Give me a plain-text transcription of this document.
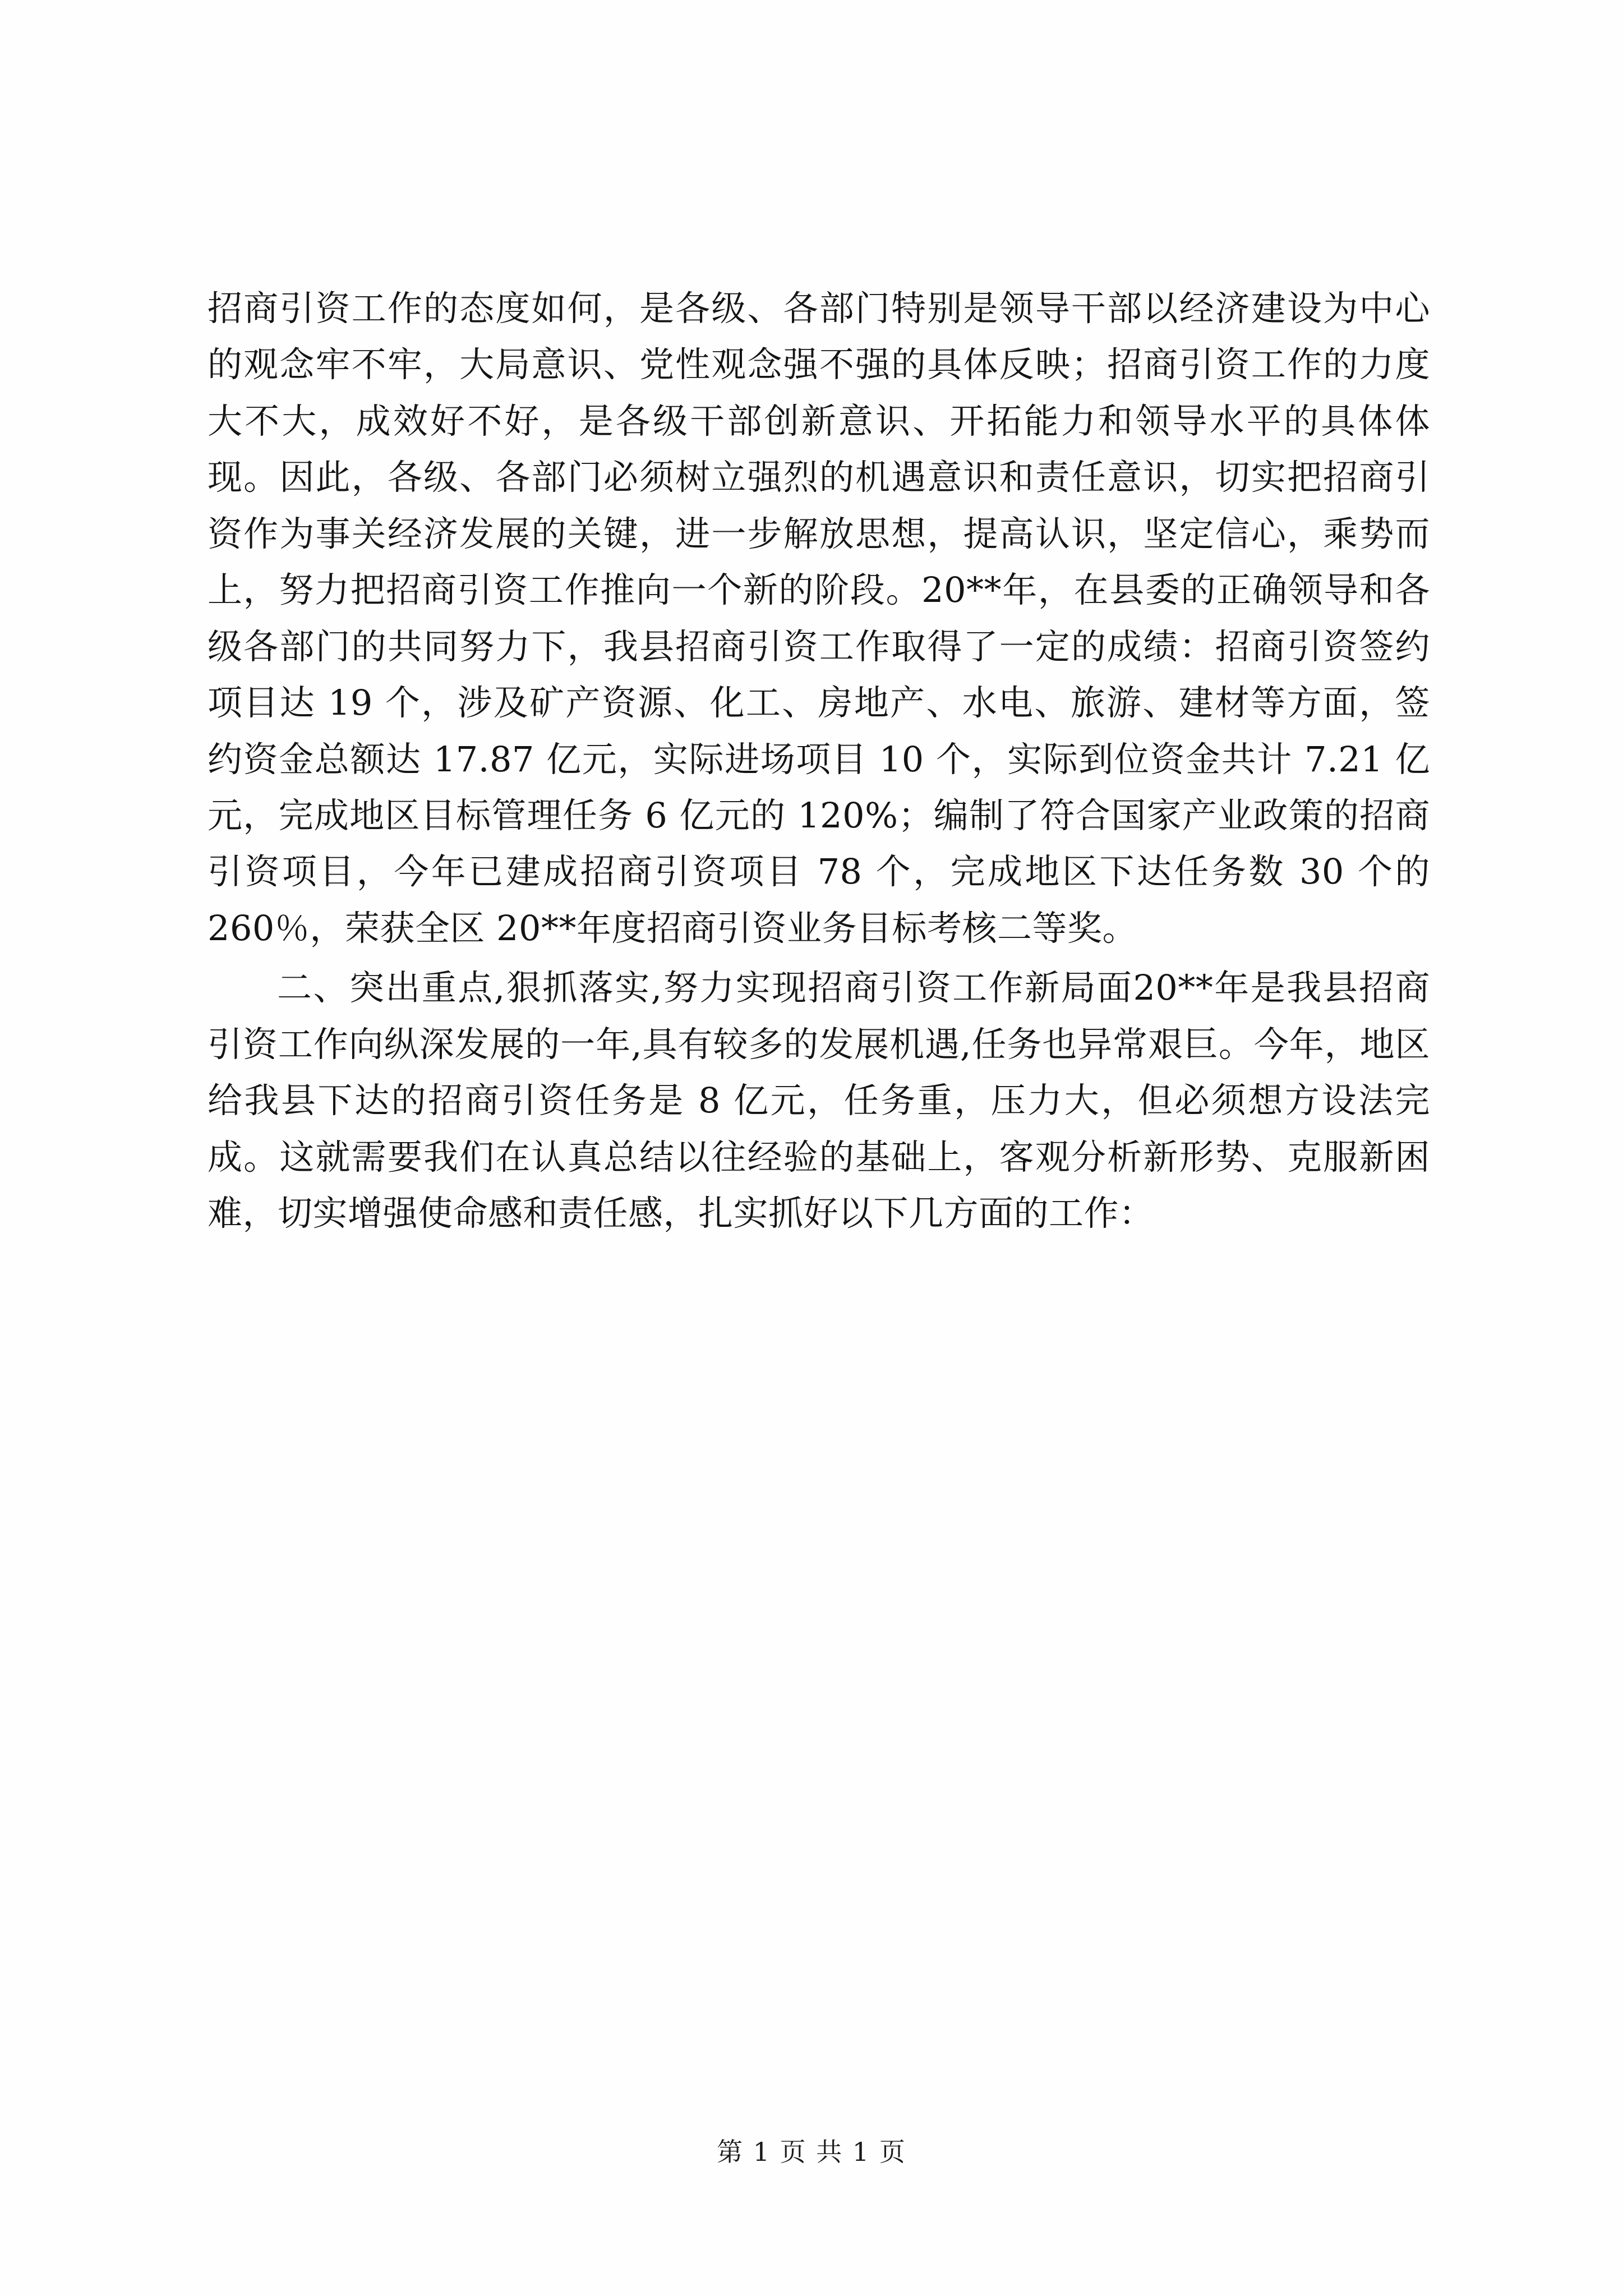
招商引资工作的态度如何，是各级、各部门特别是领导干部以经济建设为中心的观念牢不牢，大局意识、党性观念强不强的具体反映；招商引资工作的力度大不大，成效好不好，是各级干部创新意识、开拓能力和领导水平的具体体现。因此，各级、各部门必须树立强烈的机遇意识和责任意识，切实把招商引资作为事关经济发展的关键，进一步解放思想，提高认识，坚定信心，乘势而上，努力把招商引资工作推向一个新的阶段。20**年，在县委的正确领导和各级各部门的共同努力下，我县招商引资工作取得了一定的成绩：招商引资签约项目达 19 个，涉及矿产资源、化工、房地产、水电、旅游、建材等方面，签约资金总额达 17.87 亿元，实际进场项目 10 个，实际到位资金共计 7.21 亿元，完成地区目标管理任务 6 亿元的 120%；编制了符合国家产业政策的招商引资项目，今年已建成招商引资项目 78 个，完成地区下达任务数 30 个的 260％，荣获全区 20**年度招商引资业务目标考核二等奖。

二、突出重点,狠抓落实,努力实现招商引资工作新局面20**年是我县招商引资工作向纵深发展的一年,具有较多的发展机遇,任务也异常艰巨。今年，地区给我县下达的招商引资任务是 8 亿元，任务重，压力大，但必须想方设法完成。这就需要我们在认真总结以往经验的基础上，客观分析新形势、克服新困难，切实增强使命感和责任感，扎实抓好以下几方面的工作：

第 1 页 共 1 页
